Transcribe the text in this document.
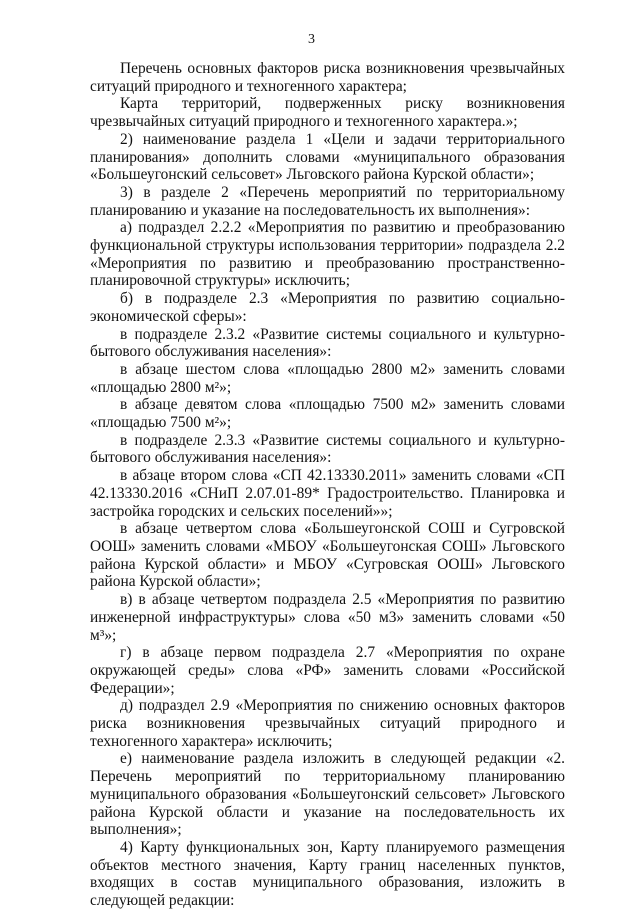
3

Перечень основных факторов риска возникновения чрезвычайных ситуаций природного и техногенного характера;

Карта территорий, подверженных риску возникновения чрезвычайных ситуаций природного и техногенного характера.»;

2) наименование раздела 1 «Цели и задачи территориального планирования» дополнить словами «муниципального образования «Большеугонский сельсовет» Льговского района Курской области»;

3) в разделе 2 «Перечень мероприятий по территориальному планированию и указание на последовательность их выполнения»:

а) подраздел 2.2.2 «Мероприятия по развитию и преобразованию функциональной структуры использования территории» подраздела 2.2 «Мероприятия по развитию и преобразованию пространственно-планировочной структуры» исключить;

б) в подразделе 2.3 «Мероприятия по развитию социально-экономической сферы»:

в подразделе 2.3.2 «Развитие системы социального и культурно-бытового обслуживания населения»:

в абзаце шестом слова «площадью 2800 м2» заменить словами «площадью 2800 м²»;

в абзаце девятом слова «площадью 7500 м2» заменить словами «площадью 7500 м²»;

в подразделе 2.3.3 «Развитие системы социального и культурно-бытового обслуживания населения»:

в абзаце втором слова «СП 42.13330.2011» заменить словами «СП 42.13330.2016 «СНиП 2.07.01-89* Градостроительство. Планировка и застройка городских и сельских поселений»»;

в абзаце четвертом слова «Большеугонской СОШ и Сугровской ООШ» заменить словами «МБОУ «Большеугонская СОШ» Льговского района Курской области» и МБОУ «Сугровская ООШ» Льговского района Курской области»;

в) в абзаце четвертом подраздела 2.5 «Мероприятия по развитию инженерной инфраструктуры» слова «50 м3» заменить словами «50 м³»;

г) в абзаце первом подраздела 2.7 «Мероприятия по охране окружающей среды» слова «РФ» заменить словами «Российской Федерации»;

д) подраздел 2.9 «Мероприятия по снижению основных факторов риска возникновения чрезвычайных ситуаций природного и техногенного характера» исключить;

е) наименование раздела изложить в следующей редакции «2. Перечень мероприятий по территориальному планированию муниципального образования «Большеугонский сельсовет» Льговского района Курской области и указание на последовательность их выполнения»;

4) Карту функциональных зон, Карту планируемого размещения объектов местного значения, Карту границ населенных пунктов, входящих в состав муниципального образования, изложить в следующей редакции:
